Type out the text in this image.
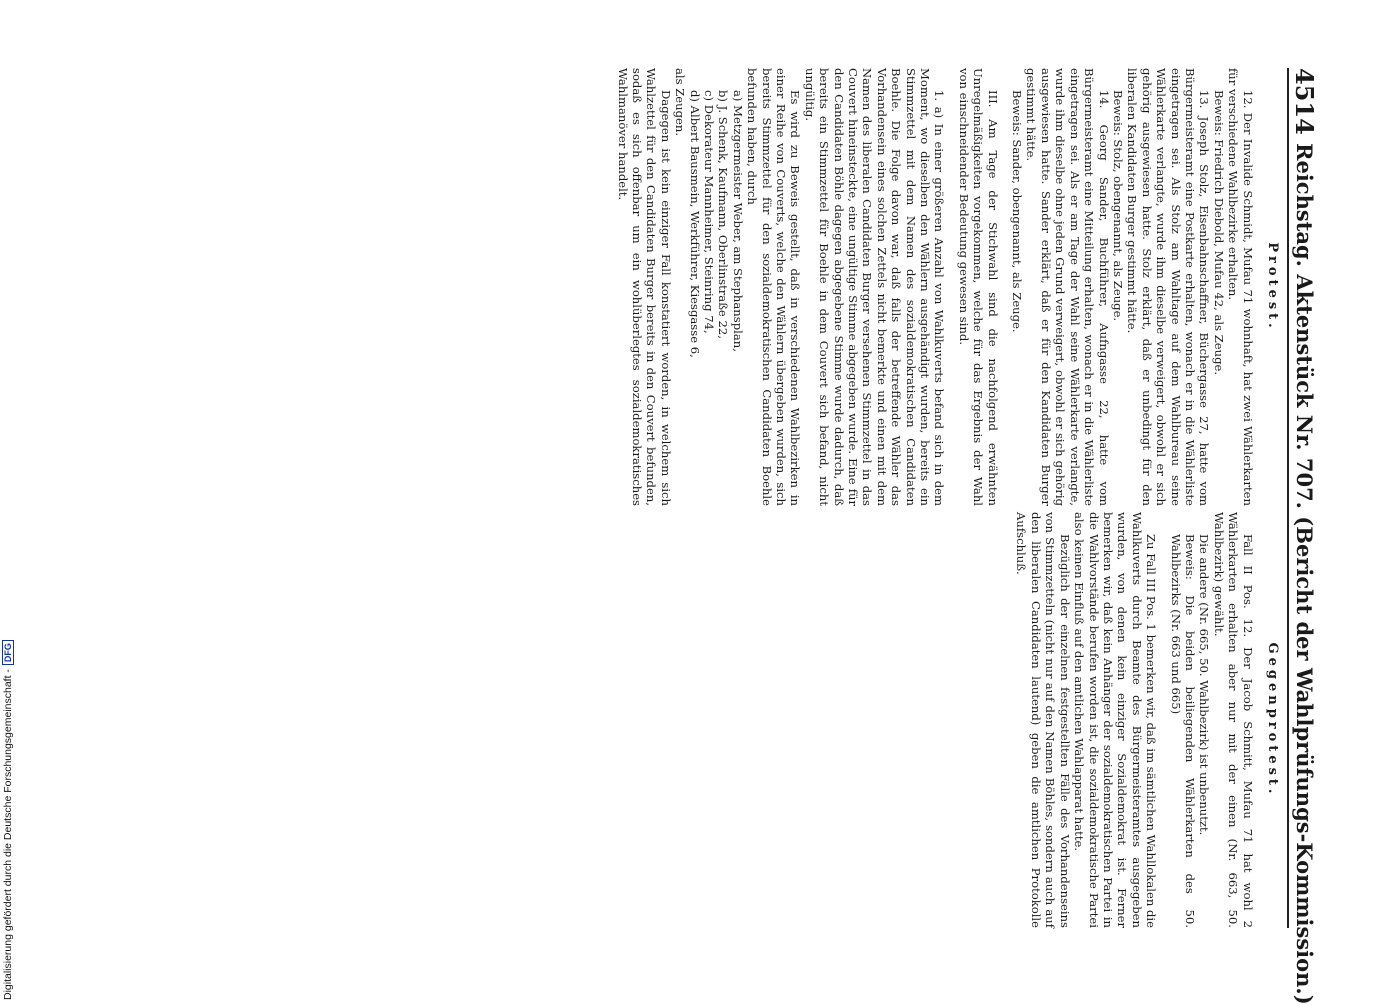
4514
Reichstag. Aktenstück Nr. 707. (Bericht der Wahlprüfungs-Kommission.)
Protest.

12. Der Invalide Schmidt, Mufau 71 wohnhaft, hat zwei Wählerkarten für verschiedene Wahlbezirke erhalten.

Beweis: Friedrich Diebold, Mufau 42, als Zeuge.

13. Joseph Stolz, Eisenbahnschaffner, Büchergasse 27, hatte vom Bürgermeisteramt eine Postkarte erhalten, wonach er in die Wählerliste eingetragen sei. Als Stolz am Wahltage auf dem Wahlbureau seine Wählerkarte verlangte, wurde ihm dieselbe verweigert, obwohl er sich gehörig ausgewiesen hatte. Stolz erklärt, daß er unbedingt für den liberalen Kandidaten Burger gestimmt hätte.

Beweis: Stolz, obengenannt, als Zeuge.

14. Georg Sander, Buchführer, Aufngasse 22, hatte vom Bürgermeisteramt eine Mitteilung erhalten, wonach er in die Wählerliste eingetragen sei. Als er am Tage der Wahl seine Wählerkarte verlangte, wurde ihm dieselbe ohne jeden Grund verweigert, obwohl er sich gehörig ausgewiesen hatte. Sander erklärt, daß er für den Kandidaten Burger gestimmt hätte.

Beweis: Sander, obengenannt, als Zeuge.

III. Am Tage der Stichwahl sind die nachfolgend erwähnten Unregelmäßigkeiten vorgekommen, welche für das Ergebnis der Wahl von einschneidender Bedeutung gewesen sind.

1. a) In einer größeren Anzahl von Wahlkuverts befand sich in dem Moment, wo dieselben den Wählern ausgehändigt wurden, bereits ein Stimmzettel mit dem Namen des sozialdemokratischen Candidaten Boehle. Die Folge davon war, daß falls der betreffende Wähler das Vorhandensein eines solchen Zettels nicht bemerkte und einen mit dem Namen des liberalen Candidaten Burger versehenen Stimmzettel in das Couvert hineinsteckte, eine ungültige Stimme abgegeben wurde. Eine für den Candidaten Böhle dagegen abgegebene Stimme wurde dadurch, daß bereits ein Stimmzettel für Boehle in dem Couvert sich befand, nicht ungültig.

Es wird zu Beweis gestellt, daß in verschiedenen Wahlbezirken in einer Reihe von Couverts, welche den Wählern übergeben wurden, sich bereits Stimmzettel für den sozialdemokratischen Candidaten Boehle befunden haben, durch

a) Metzgermeister Weber, am Stephansplan,
b) J. Schenk, Kaufmann, Oberlinstraße 22,
c) Dekorateur Mannheimer, Steinring 74,
d) Albert Bausmein, Werkführer, Kiesgasse 6,

als Zeugen.

Dagegen ist kein einziger Fall konstatiert worden, in welchem sich Wahlzettel für den Candidaten Burger bereits in den Couvert befunden, sodaß es sich offenbar um ein wohlüberlegtes sozialdemokratisches Wahlmanöver handelt.

Gegenprotest.

Fall II Pos. 12. Der Jacob Schmitt, Mufau 71 hat wohl 2 Wählerkarten erhalten aber nur mit der einen (Nr. 663, 50. Wahlbezirk) gewählt.

Die andere (Nr. 665, 50. Wahlbezirk) ist unbenutzt.

Beweis: Die beiden beiliegenden Wählerkarten des 50. Wahlbezirks (Nr. 663 und 665)

Zu Fall III Pos. 1 bemerken wir, daß im sämtlichen Wahllokalen die Wahlkuverts durch Beamte des Bürgermeisteramtes ausgegeben wurden, von denen kein einziger Sozialdemokrat ist. Ferner bemerken wir, daß kein Anhänger der sozialdemokratischen Partei in die Wahlvorstände berufen worden ist, die sozialdemokratische Partei also keinen Einfluß auf den amtlichen Wahlapparat hatte.

Bezüglich der einzelnen festgestellten Fälle des Vorhandenseins von Stimmzetteln (nicht nur auf den Namen Böhles, sondern auch auf den liberalen Candidaten lautend) geben die amtlichen Protokolle Aufschluß.

Digitalisierung gefördert durch die Deutsche Forschungsgemeinschaft -DFG
